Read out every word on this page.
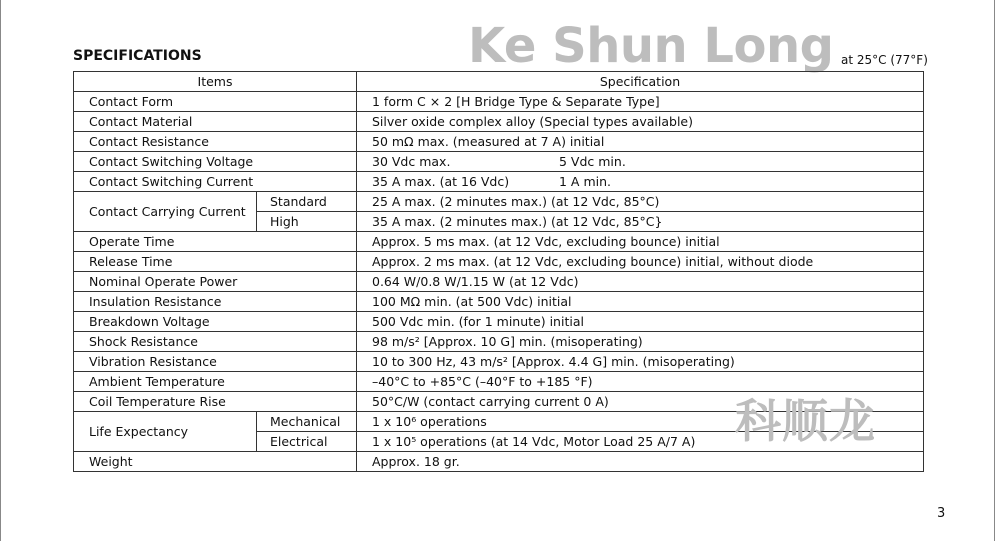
Ke Shun Long
SPECIFICATIONS	at 25°C (77°F)
Items		Specification
Contact Form		1 form C × 2 [H Bridge Type & Separate Type]
Contact Material		Silver oxide complex alloy (Special types available)
Contact Resistance		50 mΩ max. (measured at 7 A) initial
Contact Switching Voltage		30 Vdc max. 5 Vdc min.
Contact Switching Current		35 A max. (at 16 Vdc) 1 A min.
Contact Carrying Current	Standard	25 A max. (2 minutes max.) (at 12 Vdc, 85°C)
	High	35 A max. (2 minutes max.) (at 12 Vdc, 85°C}
Operate Time		Approx. 5 ms max. (at 12 Vdc, excluding bounce) initial
Release Time		Approx. 2 ms max. (at 12 Vdc, excluding bounce) initial, without diode
Nominal Operate Power		0.64 W/0.8 W/1.15 W (at 12 Vdc)
Insulation Resistance		100 MΩ min. (at 500 Vdc) initial
Breakdown Voltage		500 Vdc min. (for 1 minute) initial
Shock Resistance		98 m/s² [Approx. 10 G] min. (misoperating)
Vibration Resistance		10 to 300 Hz, 43 m/s² [Approx. 4.4 G] min. (misoperating)
Ambient Temperature		–40°C to +85°C (–40°F to +185 °F)
Coil Temperature Rise		50°C/W (contact carrying current 0 A)
Life Expectancy	Mechanical	1 x 10⁶ operations
	Electrical	1 x 10⁵ operations (at 14 Vdc, Motor Load 25 A/7 A)
Weight		Approx. 18 gr.
科顺龙
3
